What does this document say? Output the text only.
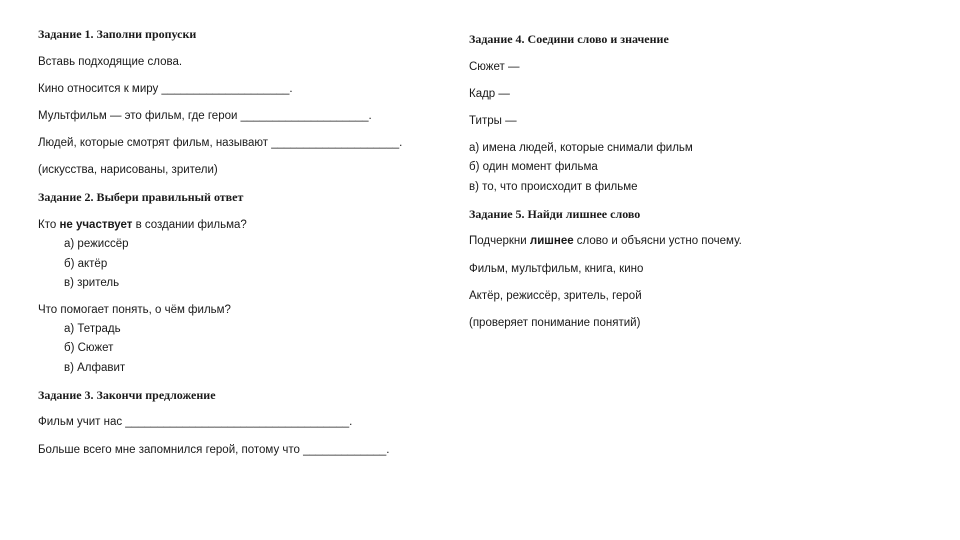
Задание 1. Заполни пропуски
Вставь подходящие слова.
Кино относится к миру ____________________.
Мультфильм — это фильм, где герои ____________________.
Людей, которые смотрят фильм, называют ____________________.
(искусства, нарисованы, зрители)
Задание 2. Выбери правильный ответ
Кто не участвует в создании фильма?
а) режиссёр
б) актёр
в) зритель
Что помогает понять, о чём фильм?
а) Тетрадь
б) Сюжет
в) Алфавит
Задание 3. Закончи предложение
Фильм учит нас ___________________________________.
Больше всего мне запомнился герой, потому что _____________.
Задание 4. Соедини слово и значение
Сюжет —
Кадр —
Титры —
а) имена людей, которые снимали фильм
б) один момент фильма
в) то, что происходит в фильме
Задание 5. Найди лишнее слово
Подчеркни лишнее слово и объясни устно почему.
Фильм, мультфильм, книга, кино
Актёр, режиссёр, зритель, герой
(проверяет понимание понятий)
